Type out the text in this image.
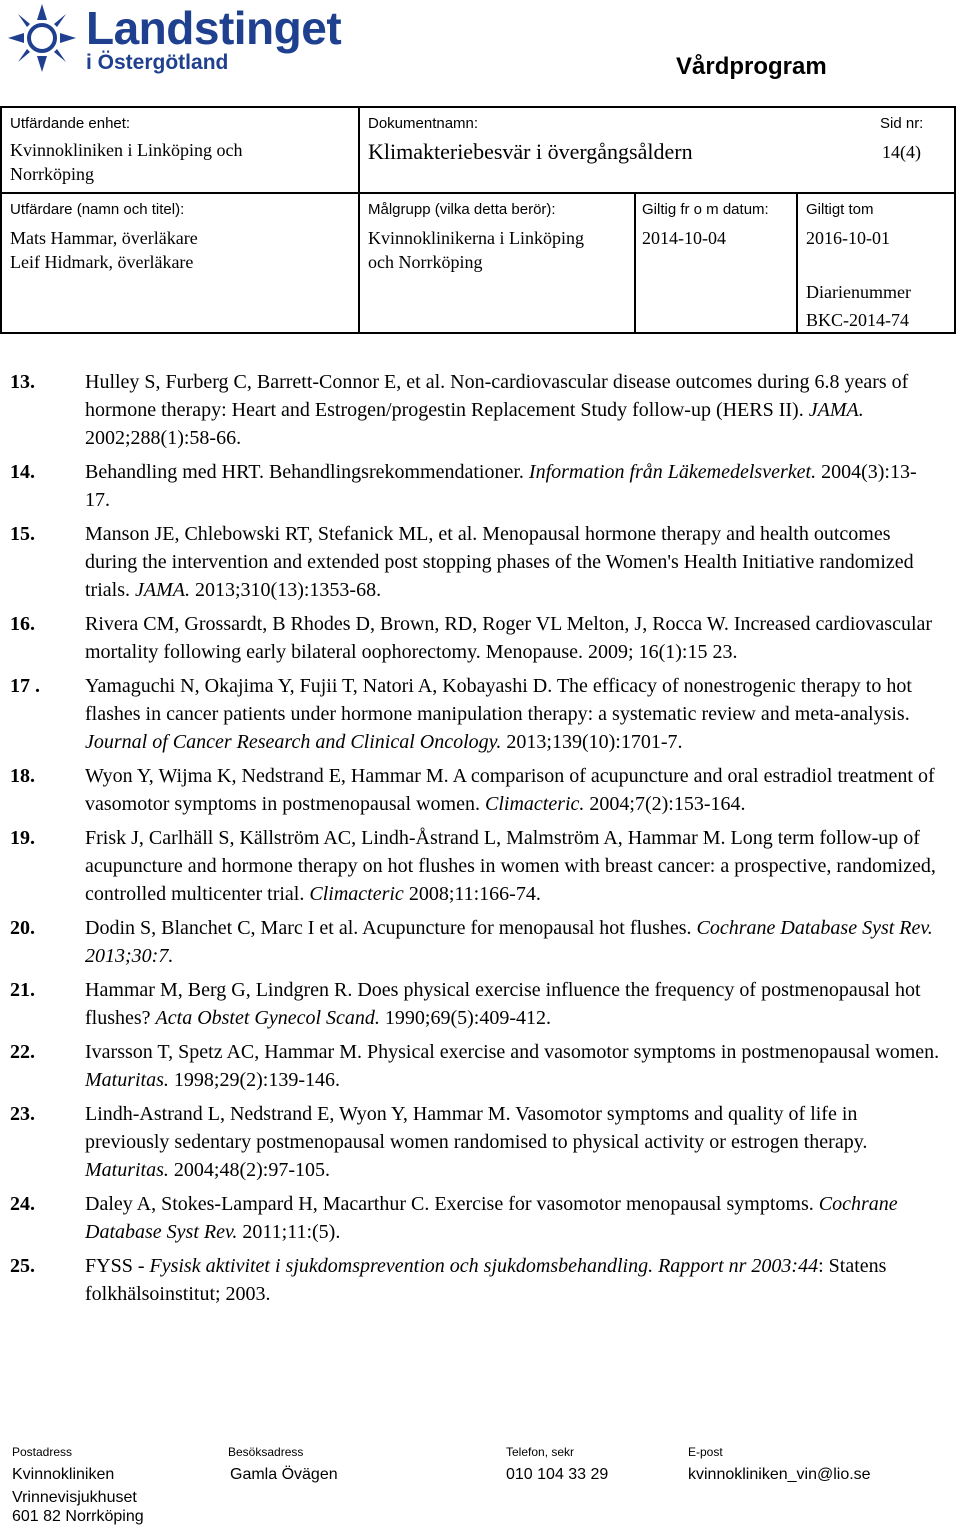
Landstinget
i Östergötland	Vårdprogram
Utfärdande enhet:
Kvinnokliniken i Linköping och Norrköping
Dokumentnamn:
Klimakteriebesvär i övergångsåldern
Sid nr:
14(4)
Utfärdare (namn och titel):
Mats Hammar, överläkare
Leif Hidmark, överläkare
Målgrupp (vilka detta berör):
Kvinnoklinikerna i Linköping
och Norrköping
Giltig fr o m datum:
2014-10-04
Giltigt tom
2016-10-01
Diarienummer
BKC-2014-74
13.	Hulley S, Furberg C, Barrett-Connor E, et al. Non-cardiovascular disease outcomes during 6.8 years of hormone therapy: Heart and Estrogen/progestin Replacement Study follow-up (HERS II). JAMA. 2002;288(1):58-66.
14.	Behandling med HRT. Behandlingsrekommendationer. Information från Läkemedelsverket. 2004(3):13-17.
15.	Manson JE, Chlebowski RT, Stefanick ML, et al. Menopausal hormone therapy and health outcomes during the intervention and extended post stopping phases of the Women's Health Initiative randomized trials. JAMA. 2013;310(13):1353-68.
16.	Rivera CM, Grossardt, B Rhodes D, Brown, RD, Roger VL Melton, J, Rocca W. Increased cardiovascular mortality following early bilateral oophorectomy. Menopause. 2009; 16(1):15 23.
17 . Yamaguchi N, Okajima Y, Fujii T, Natori A, Kobayashi D. The efficacy of nonestrogenic therapy to hot flashes in cancer patients under hormone manipulation therapy: a systematic review and meta-analysis. Journal of Cancer Research and Clinical Oncology. 2013;139(10):1701-7.
18.	Wyon Y, Wijma K, Nedstrand E, Hammar M. A comparison of acupuncture and oral estradiol treatment of vasomotor symptoms in postmenopausal women. Climacteric. 2004;7(2):153-164.
19.	Frisk J, Carlhäll S, Källström AC, Lindh-Åstrand L, Malmström A, Hammar M. Long term follow-up of acupuncture and hormone therapy on hot flushes in women with breast cancer: a prospective, randomized, controlled multicenter trial. Climacteric 2008;11:166-74.
20.	Dodin S, Blanchet C, Marc I et al. Acupuncture for menopausal hot flushes. Cochrane Database Syst Rev. 2013;30:7.
21.	Hammar M, Berg G, Lindgren R. Does physical exercise influence the frequency of postmenopausal hot flushes? Acta Obstet Gynecol Scand. 1990;69(5):409-412.
22.	Ivarsson T, Spetz AC, Hammar M. Physical exercise and vasomotor symptoms in postmenopausal women. Maturitas. 1998;29(2):139-146.
23.	Lindh-Astrand L, Nedstrand E, Wyon Y, Hammar M. Vasomotor symptoms and quality of life in previously sedentary postmenopausal women randomised to physical activity or estrogen therapy. Maturitas. 2004;48(2):97-105.
24.	Daley A, Stokes-Lampard H, Macarthur C. Exercise for vasomotor menopausal symptoms. Cochrane Database Syst Rev. 2011;11:(5).
25.	FYSS - Fysisk aktivitet i sjukdomsprevention och sjukdomsbehandling. Rapport nr 2003:44: Statens folkhälsoinstitut; 2003.
Postadress
Kvinnokliniken
Vrinnevisjukhuset
601 82 Norrköping
Besöksadress
Gamla Övägen
Telefon, sekr
010 104 33 29
E-post
kvinnokliniken_vin@lio.se
